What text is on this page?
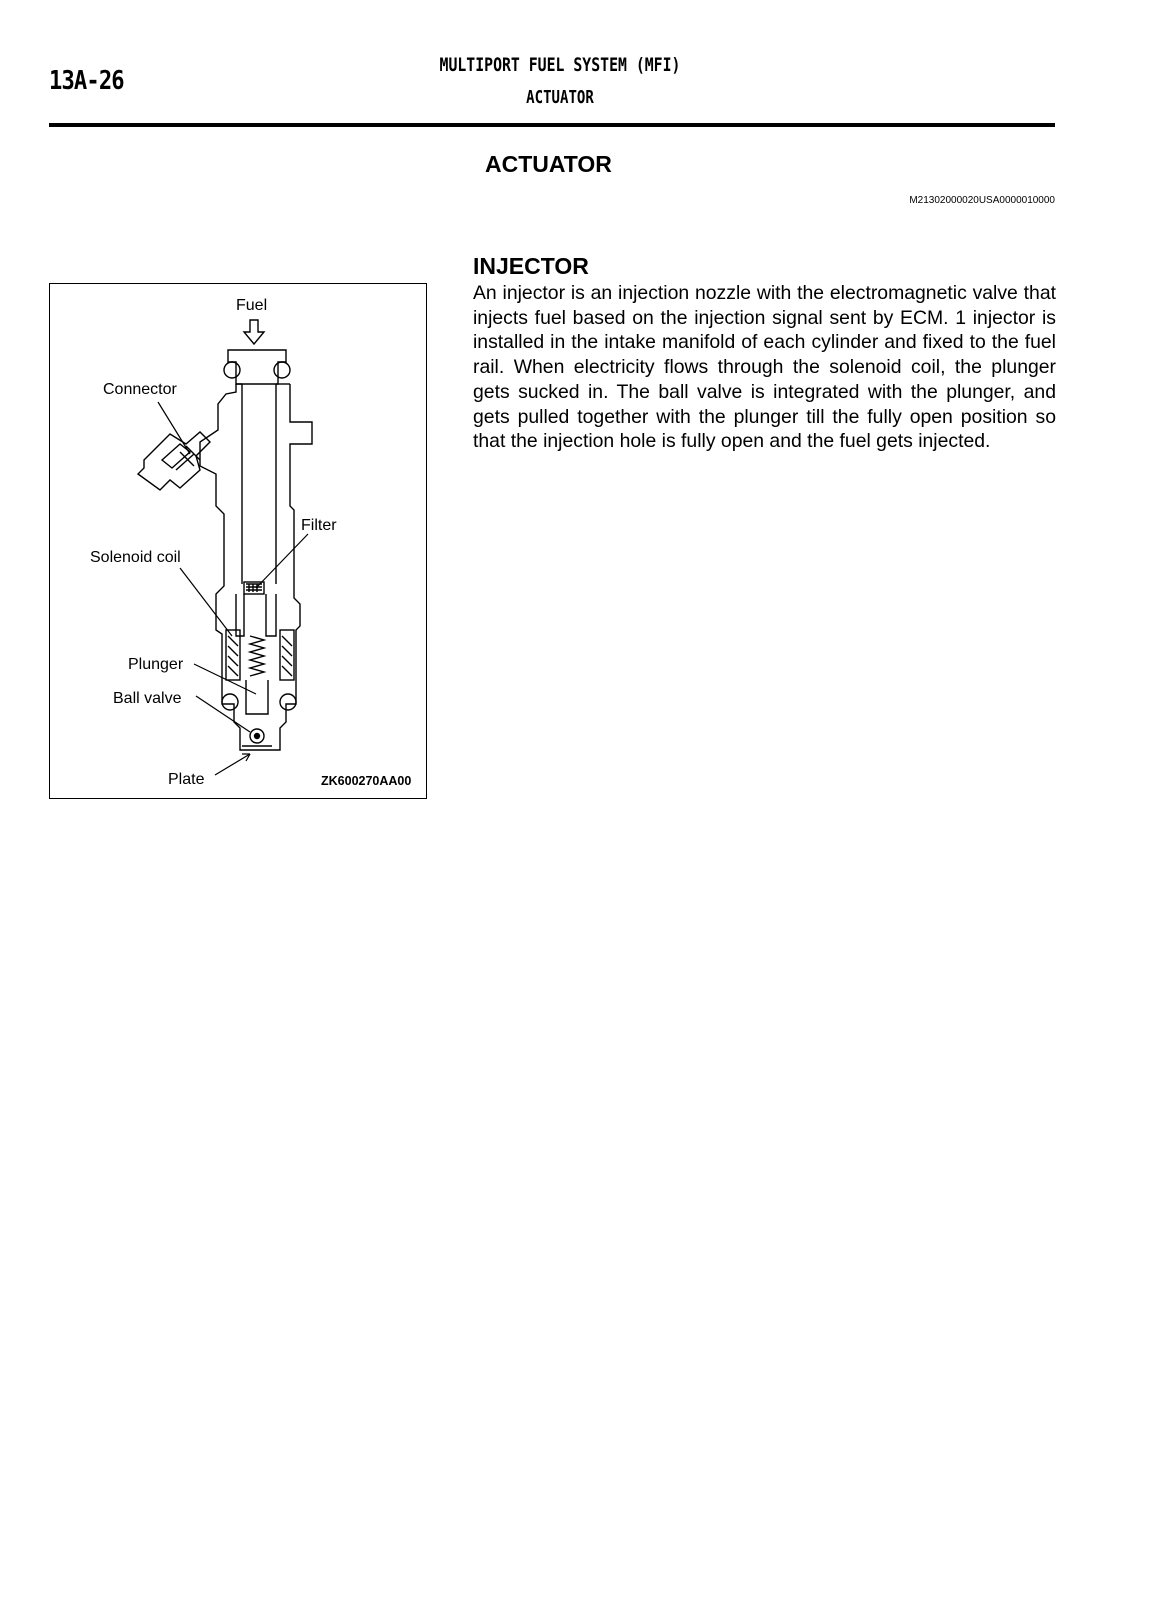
13A-26
MULTIPORT FUEL SYSTEM (MFI)
ACTUATOR
ACTUATOR
M21302000020USA0000010000
INJECTOR

An injector is an injection nozzle with the electromagnetic valve that injects fuel based on the injection signal sent by ECM. 1 injector is installed in the intake manifold of each cylinder and fixed to the fuel rail. When electricity flows through the solenoid coil, the plunger gets sucked in. The ball valve is integrated with the plunger, and gets pulled together with the plunger till the fully open position so that the injection hole is fully open and the fuel gets injected.

Fuel
Connector
Filter
Solenoid coil
Plunger
Ball valve
Plate	ZK600270AA00
